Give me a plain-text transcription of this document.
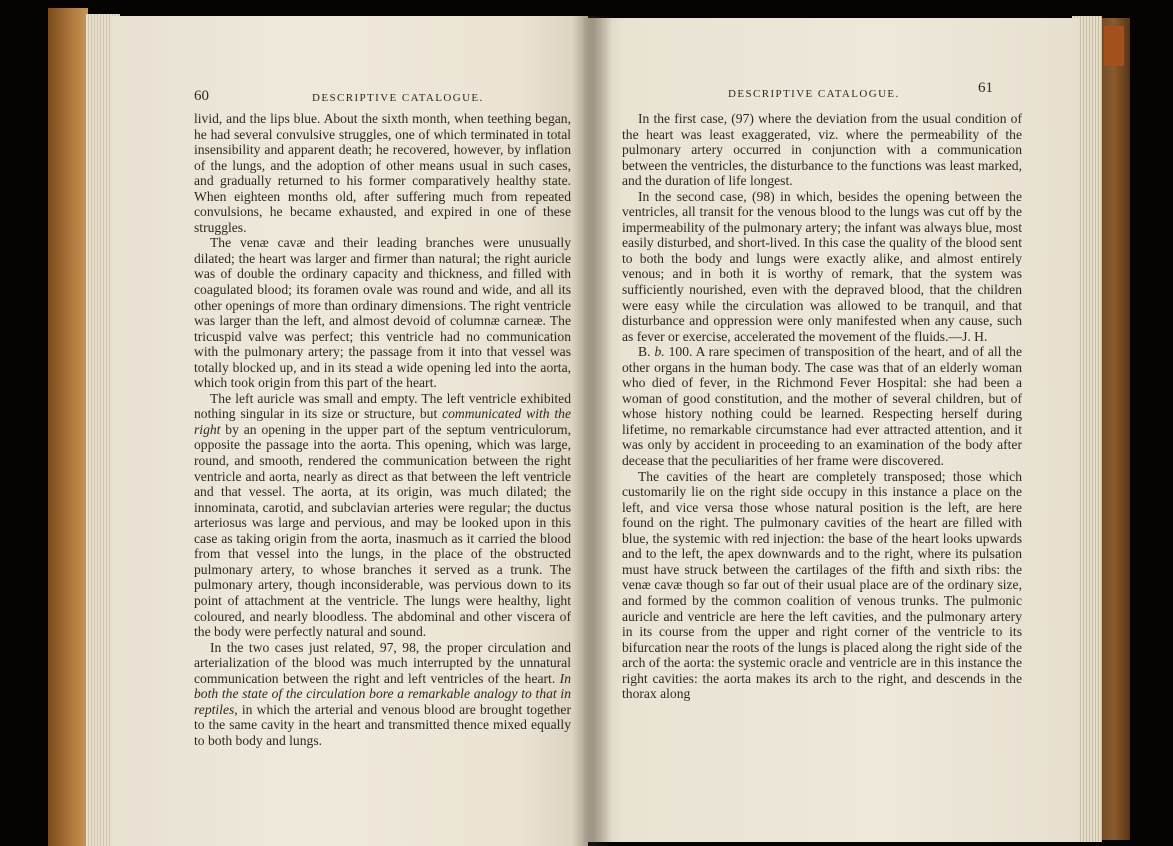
60	DESCRIPTIVE CATALOGUE.

livid, and the lips blue. About the sixth month, when teething began, he had several convulsive struggles, one of which terminated in total insensibility and apparent death; he recovered, however, by inflation of the lungs, and the adoption of other means usual in such cases, and gradually returned to his former comparatively healthy state. When eighteen months old, after suffering much from repeated convulsions, he became exhausted, and expired in one of these struggles.

The venæ cavæ and their leading branches were unusually dilated; the heart was larger and firmer than natural; the right auricle was of double the ordinary capacity and thickness, and filled with coagulated blood; its foramen ovale was round and wide, and all its other openings of more than ordinary dimensions. The right ventricle was larger than the left, and almost devoid of columnæ carneæ. The tricuspid valve was perfect; this ventricle had no communication with the pulmonary artery; the passage from it into that vessel was totally blocked up, and in its stead a wide opening led into the aorta, which took origin from this part of the heart.

The left auricle was small and empty. The left ventricle exhibited nothing singular in its size or structure, but communicated with the right by an opening in the upper part of the septum ventriculorum, opposite the passage into the aorta. This opening, which was large, round, and smooth, rendered the communication between the right ventricle and aorta, nearly as direct as that between the left ventricle and that vessel. The aorta, at its origin, was much dilated; the innominata, carotid, and subclavian arteries were regular; the ductus arteriosus was large and pervious, and may be looked upon in this case as taking origin from the aorta, inasmuch as it carried the blood from that vessel into the lungs, in the place of the obstructed pulmonary artery, to whose branches it served as a trunk. The pulmonary artery, though inconsiderable, was pervious down to its point of attachment at the ventricle. The lungs were healthy, light coloured, and nearly bloodless. The abdominal and other viscera of the body were perfectly natural and sound.

In the two cases just related, 97, 98, the proper circulation and arterialization of the blood was much interrupted by the unnatural communication between the right and left ventricles of the heart. In both the state of the circulation bore a remarkable analogy to that in reptiles, in which the arterial and venous blood are brought together to the same cavity in the heart and transmitted thence mixed equally to both body and lungs.

DESCRIPTIVE CATALOGUE.	61

In the first case, (97) where the deviation from the usual condition of the heart was least exaggerated, viz. where the permeability of the pulmonary artery occurred in conjunction with a communication between the ventricles, the disturbance to the functions was least marked, and the duration of life longest.

In the second case, (98) in which, besides the opening between the ventricles, all transit for the venous blood to the lungs was cut off by the impermeability of the pulmonary artery; the infant was always blue, most easily disturbed, and short-lived. In this case the quality of the blood sent to both the body and lungs were exactly alike, and almost entirely venous; and in both it is worthy of remark, that the system was sufficiently nourished, even with the depraved blood, that the children were easy while the circulation was allowed to be tranquil, and that disturbance and oppression were only manifested when any cause, such as fever or exercise, accelerated the movement of the fluids.—J. H.

B. b. 100. A rare specimen of transposition of the heart, and of all the other organs in the human body. The case was that of an elderly woman who died of fever, in the Richmond Fever Hospital: she had been a woman of good constitution, and the mother of several children, but of whose history nothing could be learned. Respecting herself during lifetime, no remarkable circumstance had ever attracted attention, and it was only by accident in proceeding to an examination of the body after decease that the peculiarities of her frame were discovered.

The cavities of the heart are completely transposed; those which customarily lie on the right side occupy in this instance a place on the left, and vice versa those whose natural position is the left, are here found on the right. The pulmonary cavities of the heart are filled with blue, the systemic with red injection: the base of the heart looks upwards and to the left, the apex downwards and to the right, where its pulsation must have struck between the cartilages of the fifth and sixth ribs: the venæ cavæ though so far out of their usual place are of the ordinary size, and formed by the common coalition of venous trunks. The pulmonic auricle and ventricle are here the left cavities, and the pulmonary artery in its course from the upper and right corner of the ventricle to its bifurcation near the roots of the lungs is placed along the right side of the arch of the aorta: the systemic oracle and ventricle are in this instance the right cavities: the aorta makes its arch to the right, and descends in the thorax along
